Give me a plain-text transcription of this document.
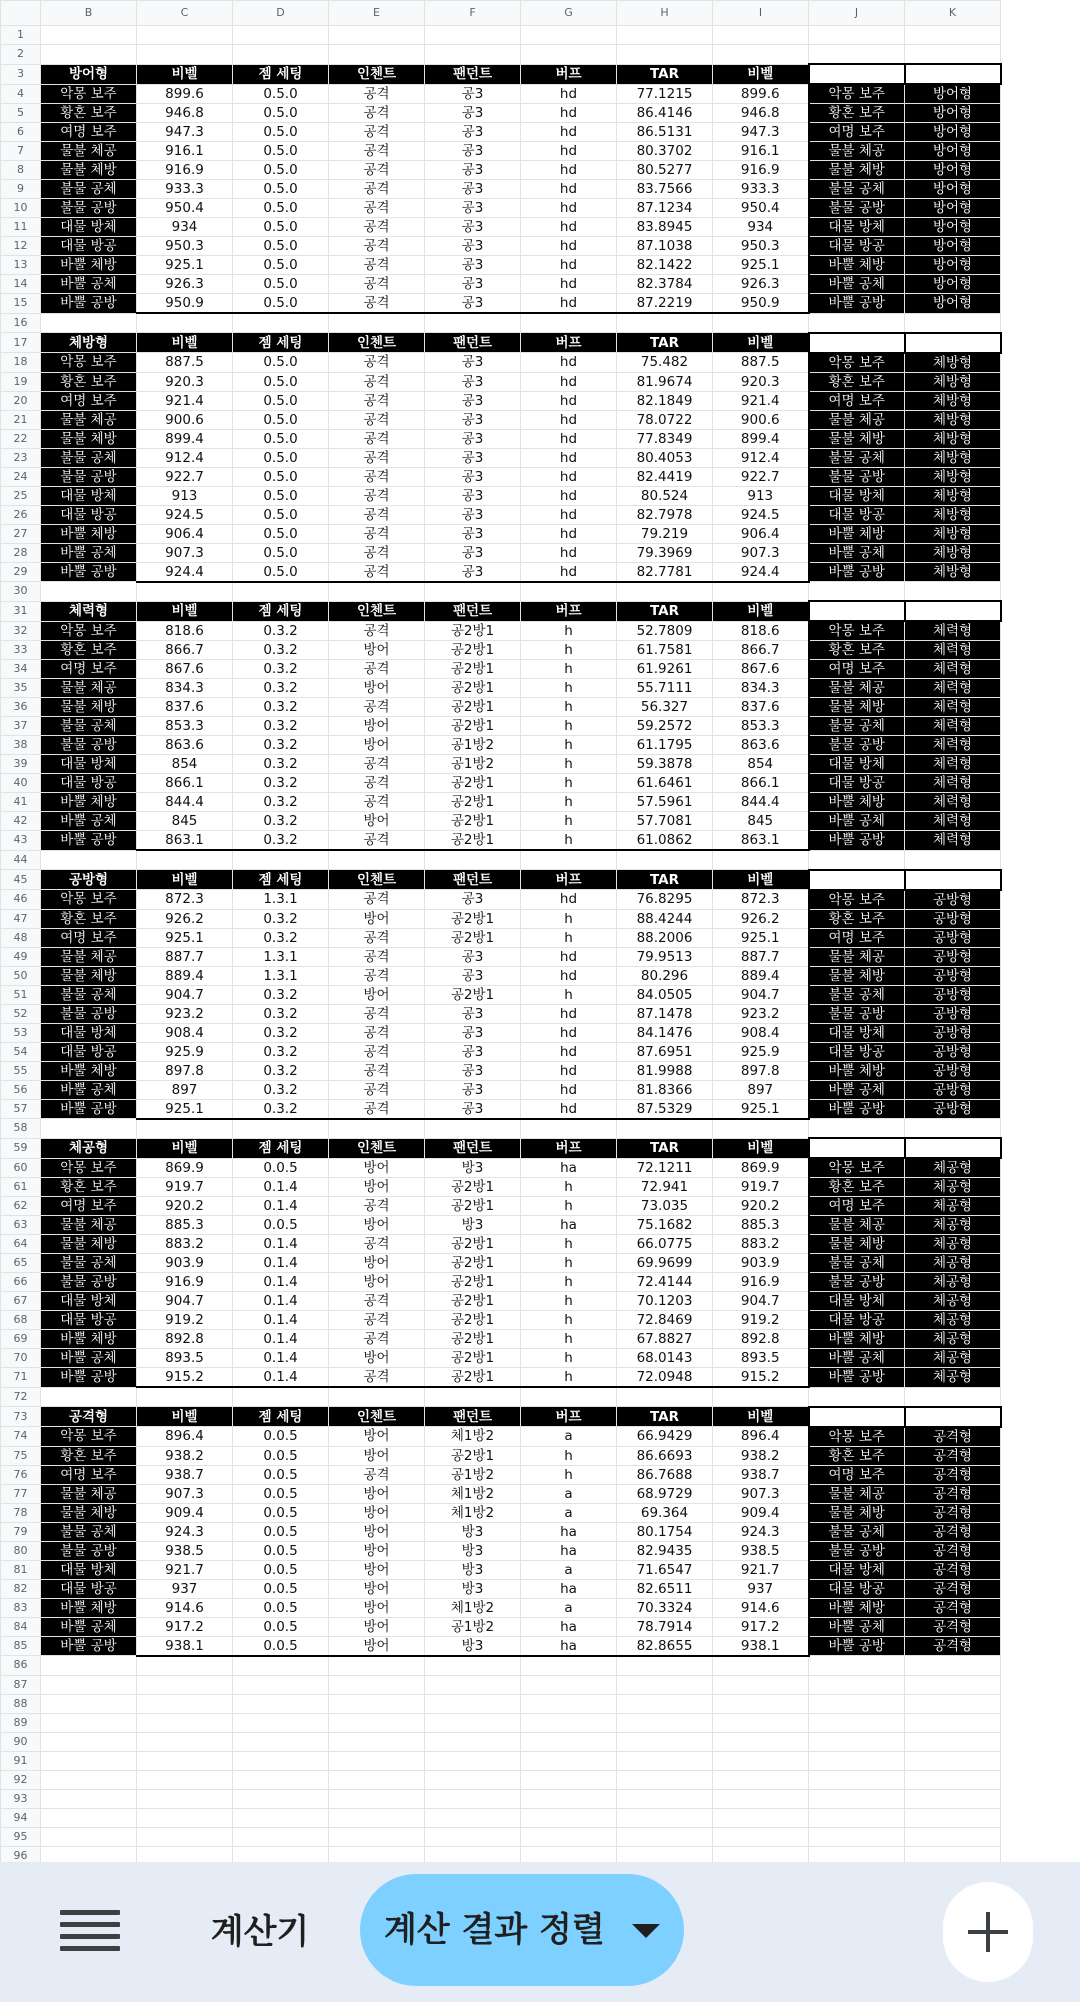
	B	C	D	E	F	G	H	I	J	K
1										
2										
3	방어형	비벨	젬 세팅	인첸트	팬던트	버프	TAR	비벨		
4	악몽 보주	899.6	0.5.0	공격	공3	hd	77.1215	899.6	악몽 보주	방어형
5	황혼 보주	946.8	0.5.0	공격	공3	hd	86.4146	946.8	황혼 보주	방어형
6	여명 보주	947.3	0.5.0	공격	공3	hd	86.5131	947.3	여명 보주	방어형
7	물불 체공	916.1	0.5.0	공격	공3	hd	80.3702	916.1	물불 체공	방어형
8	물불 체방	916.9	0.5.0	공격	공3	hd	80.5277	916.9	물불 체방	방어형
9	불물 공체	933.3	0.5.0	공격	공3	hd	83.7566	933.3	불물 공체	방어형
10	불물 공방	950.4	0.5.0	공격	공3	hd	87.1234	950.4	불물 공방	방어형
11	대물 방체	934	0.5.0	공격	공3	hd	83.8945	934	대물 방체	방어형
12	대물 방공	950.3	0.5.0	공격	공3	hd	87.1038	950.3	대물 방공	방어형
13	바뿔 체방	925.1	0.5.0	공격	공3	hd	82.1422	925.1	바뿔 체방	방어형
14	바뿔 공체	926.3	0.5.0	공격	공3	hd	82.3784	926.3	바뿔 공체	방어형
15	바뿔 공방	950.9	0.5.0	공격	공3	hd	87.2219	950.9	바뿔 공방	방어형
16										
17	체방형	비벨	젬 세팅	인첸트	팬던트	버프	TAR	비벨		
18	악몽 보주	887.5	0.5.0	공격	공3	hd	75.482	887.5	악몽 보주	체방형
19	황혼 보주	920.3	0.5.0	공격	공3	hd	81.9674	920.3	황혼 보주	체방형
20	여명 보주	921.4	0.5.0	공격	공3	hd	82.1849	921.4	여명 보주	체방형
21	물불 체공	900.6	0.5.0	공격	공3	hd	78.0722	900.6	물불 체공	체방형
22	물불 체방	899.4	0.5.0	공격	공3	hd	77.8349	899.4	물불 체방	체방형
23	불물 공체	912.4	0.5.0	공격	공3	hd	80.4053	912.4	불물 공체	체방형
24	불물 공방	922.7	0.5.0	공격	공3	hd	82.4419	922.7	불물 공방	체방형
25	대물 방체	913	0.5.0	공격	공3	hd	80.524	913	대물 방체	체방형
26	대물 방공	924.5	0.5.0	공격	공3	hd	82.7978	924.5	대물 방공	체방형
27	바뿔 체방	906.4	0.5.0	공격	공3	hd	79.219	906.4	바뿔 체방	체방형
28	바뿔 공체	907.3	0.5.0	공격	공3	hd	79.3969	907.3	바뿔 공체	체방형
29	바뿔 공방	924.4	0.5.0	공격	공3	hd	82.7781	924.4	바뿔 공방	체방형
30										
31	체력형	비벨	젬 세팅	인첸트	팬던트	버프	TAR	비벨		
32	악몽 보주	818.6	0.3.2	공격	공2방1	h	52.7809	818.6	악몽 보주	체력형
33	황혼 보주	866.7	0.3.2	방어	공2방1	h	61.7581	866.7	황혼 보주	체력형
34	여명 보주	867.6	0.3.2	공격	공2방1	h	61.9261	867.6	여명 보주	체력형
35	물불 체공	834.3	0.3.2	방어	공2방1	h	55.7111	834.3	물불 체공	체력형
36	물불 체방	837.6	0.3.2	공격	공2방1	h	56.327	837.6	물불 체방	체력형
37	불물 공체	853.3	0.3.2	방어	공2방1	h	59.2572	853.3	불물 공체	체력형
38	불물 공방	863.6	0.3.2	방어	공1방2	h	61.1795	863.6	불물 공방	체력형
39	대물 방체	854	0.3.2	공격	공1방2	h	59.3878	854	대물 방체	체력형
40	대물 방공	866.1	0.3.2	공격	공2방1	h	61.6461	866.1	대물 방공	체력형
41	바뿔 체방	844.4	0.3.2	공격	공2방1	h	57.5961	844.4	바뿔 체방	체력형
42	바뿔 공체	845	0.3.2	방어	공2방1	h	57.7081	845	바뿔 공체	체력형
43	바뿔 공방	863.1	0.3.2	공격	공2방1	h	61.0862	863.1	바뿔 공방	체력형
44										
45	공방형	비벨	젬 세팅	인첸트	팬던트	버프	TAR	비벨		
46	악몽 보주	872.3	1.3.1	공격	공3	hd	76.8295	872.3	악몽 보주	공방형
47	황혼 보주	926.2	0.3.2	방어	공2방1	h	88.4244	926.2	황혼 보주	공방형
48	여명 보주	925.1	0.3.2	공격	공2방1	h	88.2006	925.1	여명 보주	공방형
49	물불 체공	887.7	1.3.1	공격	공3	hd	79.9513	887.7	물불 체공	공방형
50	물불 체방	889.4	1.3.1	공격	공3	hd	80.296	889.4	물불 체방	공방형
51	불물 공체	904.7	0.3.2	방어	공2방1	h	84.0505	904.7	불물 공체	공방형
52	불물 공방	923.2	0.3.2	공격	공3	hd	87.1478	923.2	불물 공방	공방형
53	대물 방체	908.4	0.3.2	공격	공3	hd	84.1476	908.4	대물 방체	공방형
54	대물 방공	925.9	0.3.2	공격	공3	hd	87.6951	925.9	대물 방공	공방형
55	바뿔 체방	897.8	0.3.2	공격	공3	hd	81.9988	897.8	바뿔 체방	공방형
56	바뿔 공체	897	0.3.2	공격	공3	hd	81.8366	897	바뿔 공체	공방형
57	바뿔 공방	925.1	0.3.2	공격	공3	hd	87.5329	925.1	바뿔 공방	공방형
58										
59	체공형	비벨	젬 세팅	인첸트	팬던트	버프	TAR	비벨		
60	악몽 보주	869.9	0.0.5	방어	방3	ha	72.1211	869.9	악몽 보주	체공형
61	황혼 보주	919.7	0.1.4	방어	공2방1	h	72.941	919.7	황혼 보주	체공형
62	여명 보주	920.2	0.1.4	공격	공2방1	h	73.035	920.2	여명 보주	체공형
63	물불 체공	885.3	0.0.5	방어	방3	ha	75.1682	885.3	물불 체공	체공형
64	물불 체방	883.2	0.1.4	공격	공2방1	h	66.0775	883.2	물불 체방	체공형
65	불물 공체	903.9	0.1.4	방어	공2방1	h	69.9699	903.9	불물 공체	체공형
66	불물 공방	916.9	0.1.4	방어	공2방1	h	72.4144	916.9	불물 공방	체공형
67	대물 방체	904.7	0.1.4	공격	공2방1	h	70.1203	904.7	대물 방체	체공형
68	대물 방공	919.2	0.1.4	공격	공2방1	h	72.8469	919.2	대물 방공	체공형
69	바뿔 체방	892.8	0.1.4	공격	공2방1	h	67.8827	892.8	바뿔 체방	체공형
70	바뿔 공체	893.5	0.1.4	방어	공2방1	h	68.0143	893.5	바뿔 공체	체공형
71	바뿔 공방	915.2	0.1.4	공격	공2방1	h	72.0948	915.2	바뿔 공방	체공형
72										
73	공격형	비벨	젬 세팅	인첸트	팬던트	버프	TAR	비벨		
74	악몽 보주	896.4	0.0.5	방어	체1방2	a	66.9429	896.4	악몽 보주	공격형
75	황혼 보주	938.2	0.0.5	방어	공2방1	h	86.6693	938.2	황혼 보주	공격형
76	여명 보주	938.7	0.0.5	공격	공1방2	h	86.7688	938.7	여명 보주	공격형
77	물불 체공	907.3	0.0.5	방어	체1방2	a	68.9729	907.3	물불 체공	공격형
78	물불 체방	909.4	0.0.5	방어	체1방2	a	69.364	909.4	물불 체방	공격형
79	불물 공체	924.3	0.0.5	방어	방3	ha	80.1754	924.3	불물 공체	공격형
80	불물 공방	938.5	0.0.5	방어	방3	ha	82.9435	938.5	불물 공방	공격형
81	대물 방체	921.7	0.0.5	방어	방3	a	71.6547	921.7	대물 방체	공격형
82	대물 방공	937	0.0.5	방어	방3	ha	82.6511	937	대물 방공	공격형
83	바뿔 체방	914.6	0.0.5	방어	체1방2	a	70.3324	914.6	바뿔 체방	공격형
84	바뿔 공체	917.2	0.0.5	방어	공1방2	ha	78.7914	917.2	바뿔 공체	공격형
85	바뿔 공방	938.1	0.0.5	방어	방3	ha	82.8655	938.1	바뿔 공방	공격형
86										
87										
88										
89										
90										
91										
92										
93										
94										
95										
96										
계산기	계산 결과 정렬
